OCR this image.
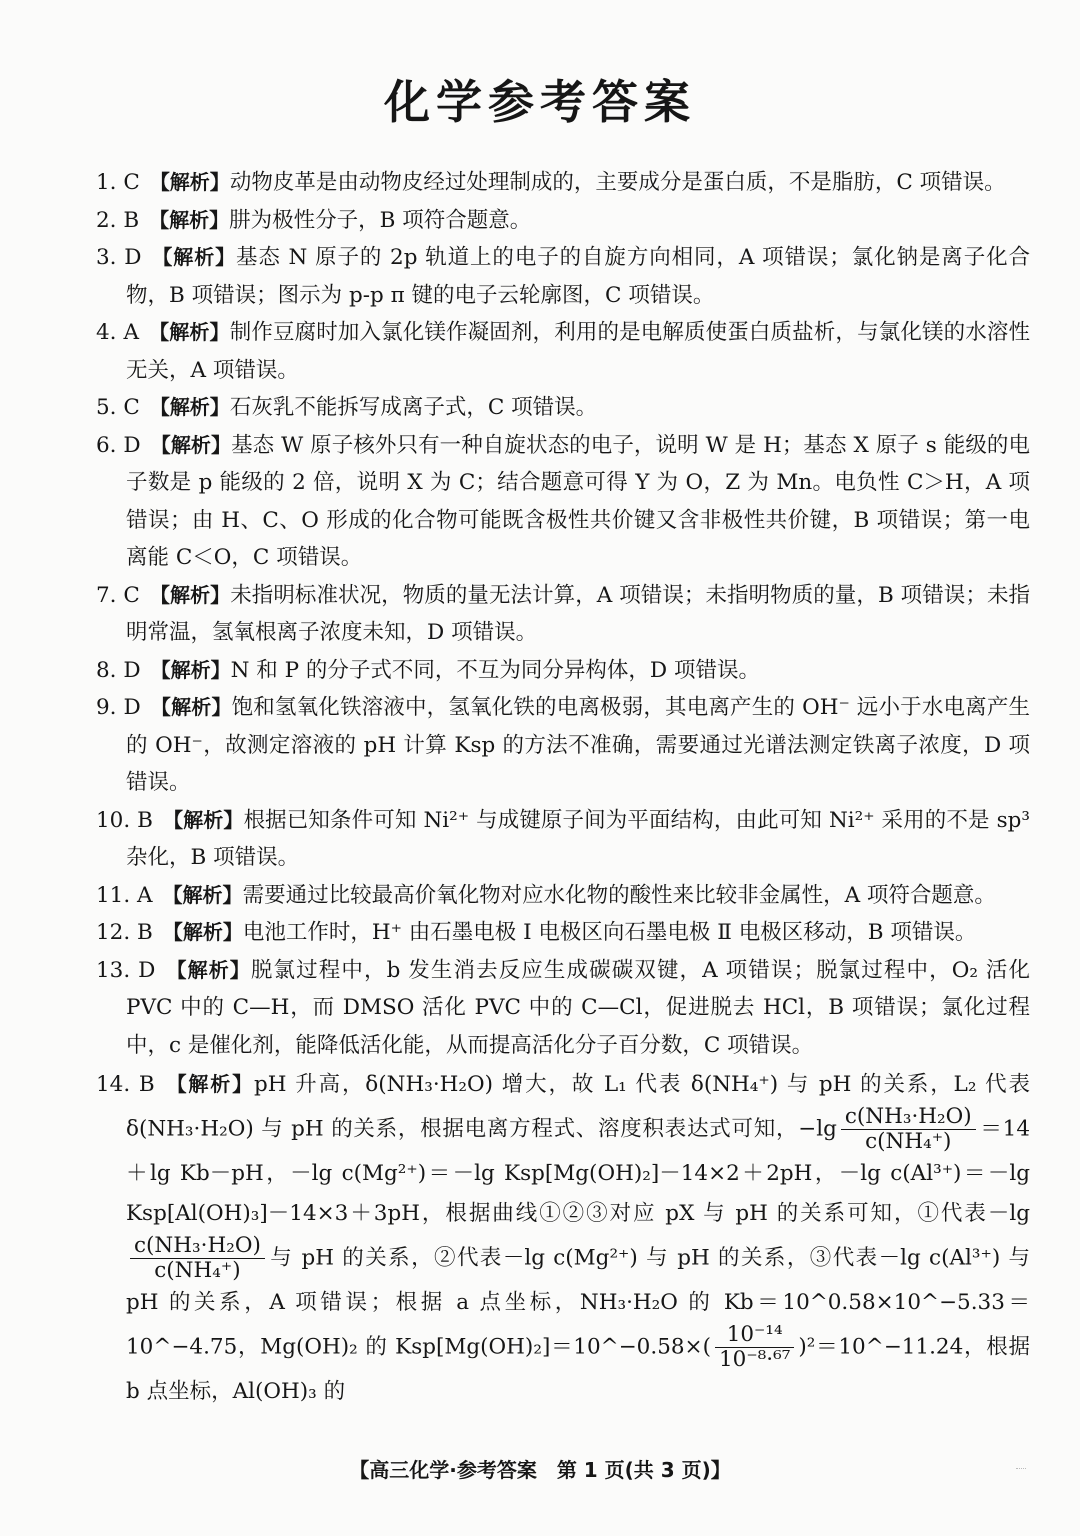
化学参考答案
1. C 【解析】动物皮革是由动物皮经过处理制成的，主要成分是蛋白质，不是脂肪，C 项错误。
2. B 【解析】肼为极性分子，B 项符合题意。
3. D 【解析】基态 N 原子的 2p 轨道上的电子的自旋方向相同，A 项错误；氯化钠是离子化合物，B 项错误；图示为 p-p π 键的电子云轮廓图，C 项错误。
4. A 【解析】制作豆腐时加入氯化镁作凝固剂，利用的是电解质使蛋白质盐析，与氯化镁的水溶性无关，A 项错误。
5. C 【解析】石灰乳不能拆写成离子式，C 项错误。
6. D 【解析】基态 W 原子核外只有一种自旋状态的电子，说明 W 是 H；基态 X 原子 s 能级的电子数是 p 能级的 2 倍，说明 X 为 C；结合题意可得 Y 为 O，Z 为 Mn。电负性 C＞H，A 项错误；由 H、C、O 形成的化合物可能既含极性共价键又含非极性共价键，B 项错误；第一电离能 C＜O，C 项错误。
7. C 【解析】未指明标准状况，物质的量无法计算，A 项错误；未指明物质的量，B 项错误；未指明常温，氢氧根离子浓度未知，D 项错误。
8. D 【解析】N 和 P 的分子式不同，不互为同分异构体，D 项错误。
9. D 【解析】饱和氢氧化铁溶液中，氢氧化铁的电离极弱，其电离产生的 OH⁻ 远小于水电离产生的 OH⁻，故测定溶液的 pH 计算 Ksp 的方法不准确，需要通过光谱法测定铁离子浓度，D 项错误。
10. B 【解析】根据已知条件可知 Ni²⁺ 与成键原子间为平面结构，由此可知 Ni²⁺ 采用的不是 sp³ 杂化，B 项错误。
11. A 【解析】需要通过比较最高价氧化物对应水化物的酸性来比较非金属性，A 项符合题意。
12. B 【解析】电池工作时，H⁺ 由石墨电极 Ⅰ 电极区向石墨电极 Ⅱ 电极区移动，B 项错误。
13. D 【解析】脱氯过程中，b 发生消去反应生成碳碳双键，A 项错误；脱氯过程中，O₂ 活化 PVC 中的 C—H，而 DMSO 活化 PVC 中的 C—Cl，促进脱去 HCl，B 项错误；氯化过程中，c 是催化剂，能降低活化能，从而提高活化分子百分数，C 项错误。
14. B 【解析】pH 升高，δ(NH₃·H₂O) 增大，故 L₁ 代表 δ(NH₄⁺) 与 pH 的关系，L₂ 代表 δ(NH₃·H₂O) 与 pH 的关系，根据电离方程式、溶度积表达式可知，$-\lg \frac{\text{c(NH₃·H₂O)}}{\text{c(NH₄⁺)}} =14+\lg$ Kb－pH，－lg c(Mg²⁺)＝－lg Ksp[Mg(OH)₂]－14×2＋2pH，－lg c(Al³⁺)＝－lg Ksp[Al(OH)₃]－14×3＋3pH，根据曲线①②③对应 pX 与 pH 的关系可知，①代表－lg
$\frac{\text{c(NH₃·H₂O)}}{\text{c(NH₄⁺)}}$ 与 pH 的关系，②代表－lg c(Mg²⁺) 与 pH 的关系，③代表－lg c(Al³⁺) 与 pH 的关系，A 项错误；根据 a 点坐标，NH₃·H₂O 的 Kb＝10^0.58×10^−5.33＝10^−4.75，Mg(OH)₂ 的 Ksp[Mg(OH)₂]＝10^−0.58×( $\frac{\text{10⁻¹⁴}}{\text{10⁻⁸·⁶⁷}}$ )²＝10^−11.24，根据 b 点坐标，Al(OH)₃ 的
【高三化学·参考答案　第 1 页(共 3 页)】
